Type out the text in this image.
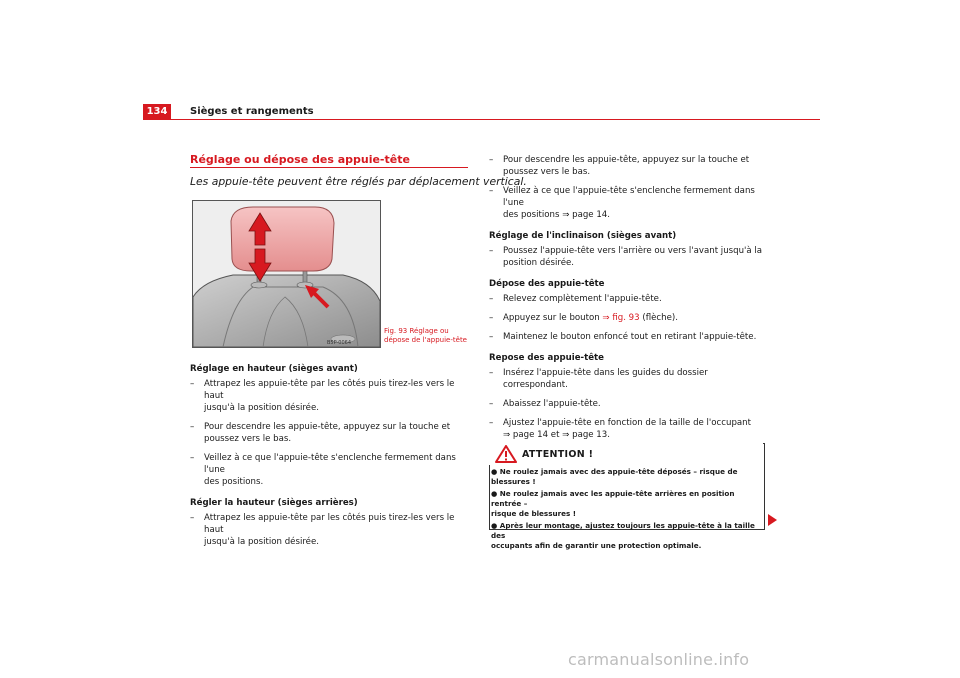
134	Sièges et rangements
Réglage ou dépose des appuie-tête
Les appuie-tête peuvent être réglés par déplacement vertical.
B5P-0064
Fig. 93 Réglage ou
dépose de l'appuie-tête

Réglage en hauteur (sièges avant)

– Attrapez les appuie-tête par les côtés puis tirez-les vers le haut
jusqu'à la position désirée.

– Pour descendre les appuie-tête, appuyez sur la touche et
poussez vers le bas.

– Veillez à ce que l'appuie-tête s'enclenche fermement dans l'une
des positions.

Régler la hauteur (sièges arrières)

– Attrapez les appuie-tête par les côtés puis tirez-les vers le haut
jusqu'à la position désirée.

– Pour descendre les appuie-tête, appuyez sur la touche et
poussez vers le bas.

– Veillez à ce que l'appuie-tête s'enclenche fermement dans l'une
des positions ⇒ page 14.

Réglage de l'inclinaison (sièges avant)

– Poussez l'appuie-tête vers l'arrière ou vers l'avant jusqu'à la
position désirée.

Dépose des appuie-tête

– Relevez complètement l'appuie-tête.

– Appuyez sur le bouton ⇒ fig. 93 (flèche).

– Maintenez le bouton enfoncé tout en retirant l'appuie-tête.

Repose des appuie-tête

– Insérez l'appuie-tête dans les guides du dossier correspondant.

– Abaissez l'appuie-tête.

– Ajustez l'appuie-tête en fonction de la taille de l'occupant
⇒ page 14 et ⇒ page 13.

ATTENTION !

● Ne roulez jamais avec des appuie-tête déposés – risque de blessures !

● Ne roulez jamais avec les appuie-tête arrières en position rentrée –
risque de blessures !

● Après leur montage, ajustez toujours les appuie-tête à la taille des
occupants afin de garantir une protection optimale.

carmanualsonline.info
